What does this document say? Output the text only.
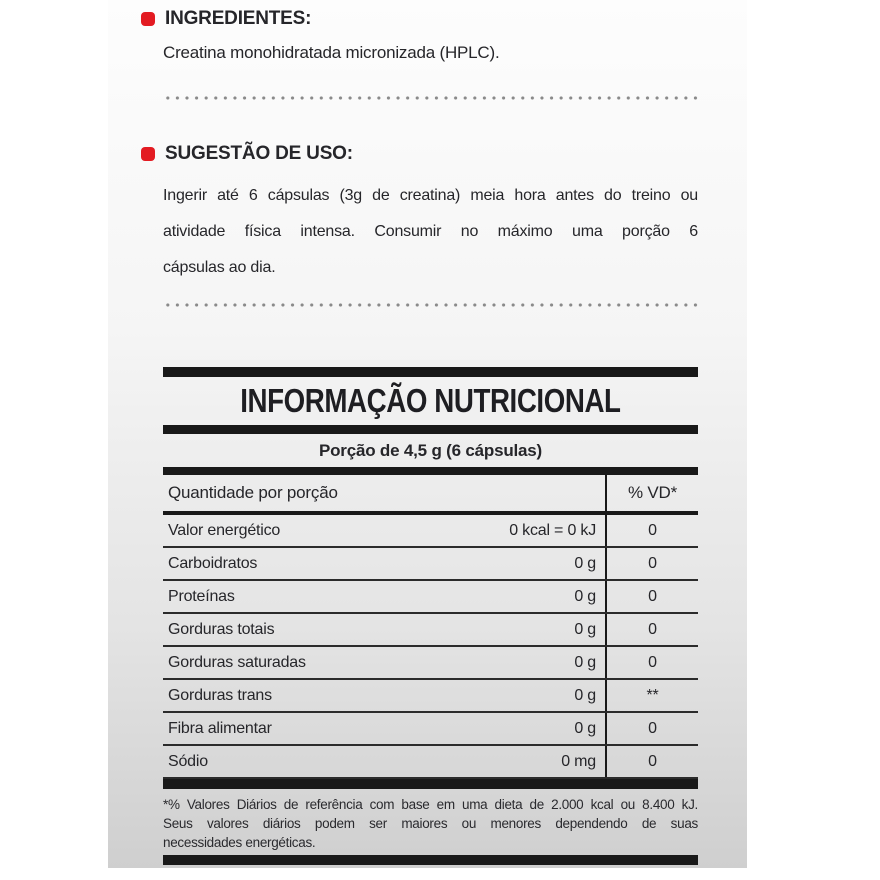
INGREDIENTES:

Creatina monohidratada micronizada (HPLC).

SUGESTÃO DE USO:
Ingerir até 6 cápsulas (3g de creatina) meia hora antes do treino ou
atividade física intensa. Consumir no máximo uma porção 6
cápsulas ao dia.
INFORMAÇÃO NUTRICIONAL
Porção de 4,5 g (6 cápsulas)
Quantidade por porção	% VD*
Valor energético	0 kcal = 0 kJ	0
Carboidratos	0 g	0
Proteínas	0 g	0
Gorduras totais	0 g	0
Gorduras saturadas	0 g	0
Gorduras trans	0 g	**
Fibra alimentar	0 g	0
Sódio	0 mg	0
*% Valores Diários de referência com base em uma dieta de 2.000 kcal ou 8.400 kJ.
Seus valores diários podem ser maiores ou menores dependendo de suas
necessidades energéticas.
